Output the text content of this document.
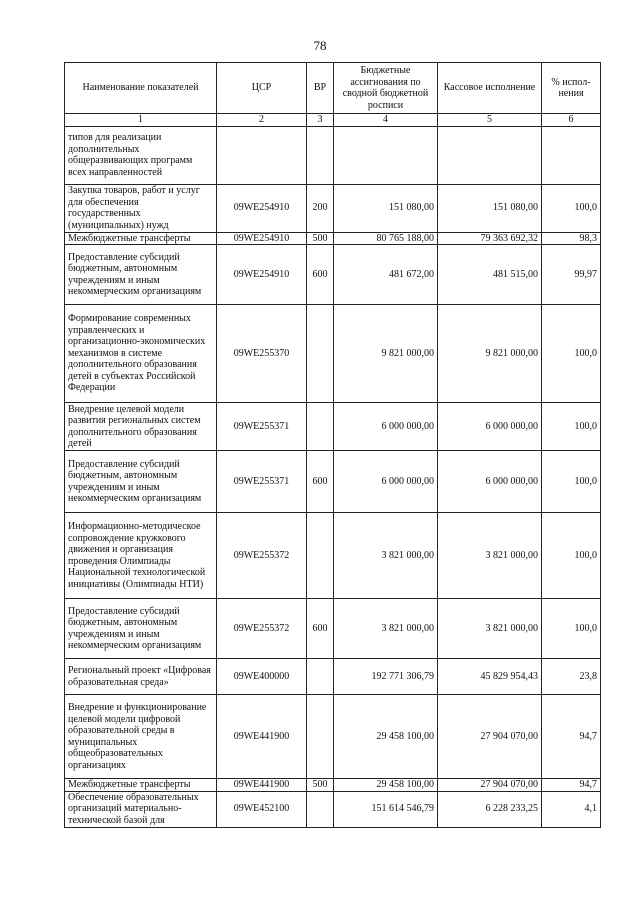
78
Наименование показателей	ЦСР	ВР	Бюджетные ассигнования по сводной бюджетной росписи	Кассовое исполнение	% испол-нения
1	2	3	4	5	6
типов для реализации дополнительных общеразвивающих программ всех направленностей					
Закупка товаров, работ и услуг для обеспечения государственных (муниципальных) нужд	09WE254910	200	151 080,00	151 080,00	100,0
Межбюджетные трансферты	09WE254910	500	80 765 188,00	79 363 692,32	98,3
Предоставление субсидий бюджетным, автономным учреждениям и иным некоммерческим организациям	09WE254910	600	481 672,00	481 515,00	99,97
Формирование современных управленческих и организационно-экономических механизмов в системе дополнительного образования детей в субъектах Российской Федерации	09WE255370		9 821 000,00	9 821 000,00	100,0
Внедрение целевой модели развития региональных систем дополнительного образования детей	09WE255371		6 000 000,00	6 000 000,00	100,0
Предоставление субсидий бюджетным, автономным учреждениям и иным некоммерческим организациям	09WE255371	600	6 000 000,00	6 000 000,00	100,0
Информационно-методическое сопровождение кружкового движения и организация проведения Олимпиады Национальной технологической инициативы (Олимпиады НТИ)	09WE255372		3 821 000,00	3 821 000,00	100,0
Предоставление субсидий бюджетным, автономным учреждениям и иным некоммерческим организациям	09WE255372	600	3 821 000,00	3 821 000,00	100,0
Региональный проект «Цифровая образовательная среда»	09WE400000		192 771 306,79	45 829 954,43	23,8
Внедрение и функционирование целевой модели цифровой образовательной среды в муниципальных общеобразовательных организациях	09WE441900		29 458 100,00	27 904 070,00	94,7
Межбюджетные трансферты	09WE441900	500	29 458 100,00	27 904 070,00	94,7
Обеспечение образовательных организаций материально-технической базой для	09WE452100		151 614 546,79	6 228 233,25	4,1
